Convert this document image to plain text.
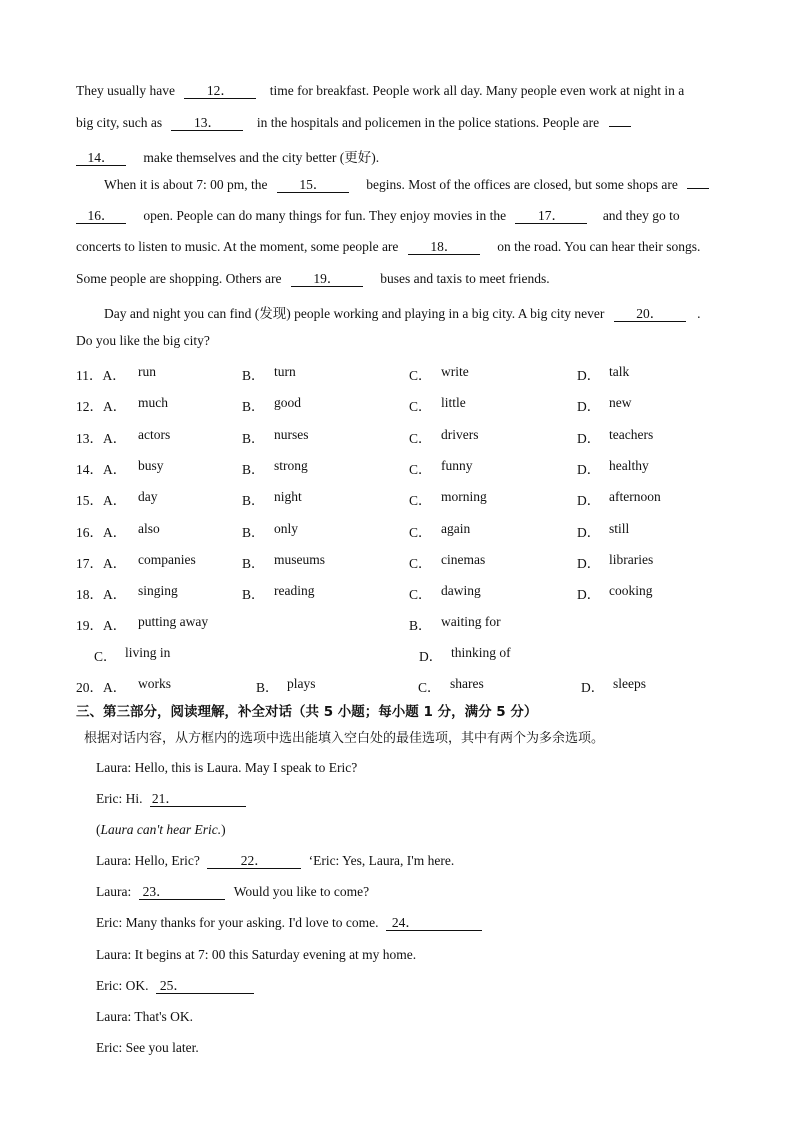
They usually have 12．	time for breakfast. People work all day. Many people even work at night in a
big city, such as 13．	in the hospitals and policemen in the police stations. People are
14． make themselves and the city better (更好).
When it is about 7: 00 pm, the 15．	begins. Most of the offices are closed, but some shops are
16． open. People can do many things for fun. They enjoy movies in the 17．	and they go to
concerts to listen to music. At the moment, some people are 18．	on the road. You can hear their songs.
Some people are shopping. Others are 19．	buses and taxis to meet friends.
Day and night you can find (发现) people working and playing in a big city. A big city never 20．	.
Do you like the big city?
11．A． run	B． turn	C． write	D． talk
12．A． much	B． good	C． little	D． new
13．A． actors	B． nurses	C． drivers	D． teachers
14．A． busy	B． strong	C． funny	D． healthy
15．A． day	B． night	C． morning	D． afternoon
16．A． also	B． only	C． again	D． still
17．A． companies	B． museums	C． cinemas	D． libraries
18．A． singing	B． reading	C． dawing	D． cooking
19．A． putting away	B． waiting for
C． living in	D． thinking of
20．A． works	B． plays	C． shares	D． sleeps
三、第三部分，阅读理解，补全对话（共 5 小题；每小题 1 分，满分 5 分）
根据对话内容，从方框内的选项中选出能填入空白处的最佳选项，其中有两个为多余选项。
Laura: Hello, this is Laura. May I speak to Eric?
Eric: Hi. 21．
(Laura can't hear Eric.)
Laura: Hello, Eric?	22．	‘Eric: Yes, Laura, I'm here.
Laura: 23．	Would you like to come?
Eric: Many thanks for your asking. I'd love to come. 24．
Laura: It begins at 7: 00 this Saturday evening at my home.
Eric: OK. 25．
Laura: That's OK.
Eric: See you later.
